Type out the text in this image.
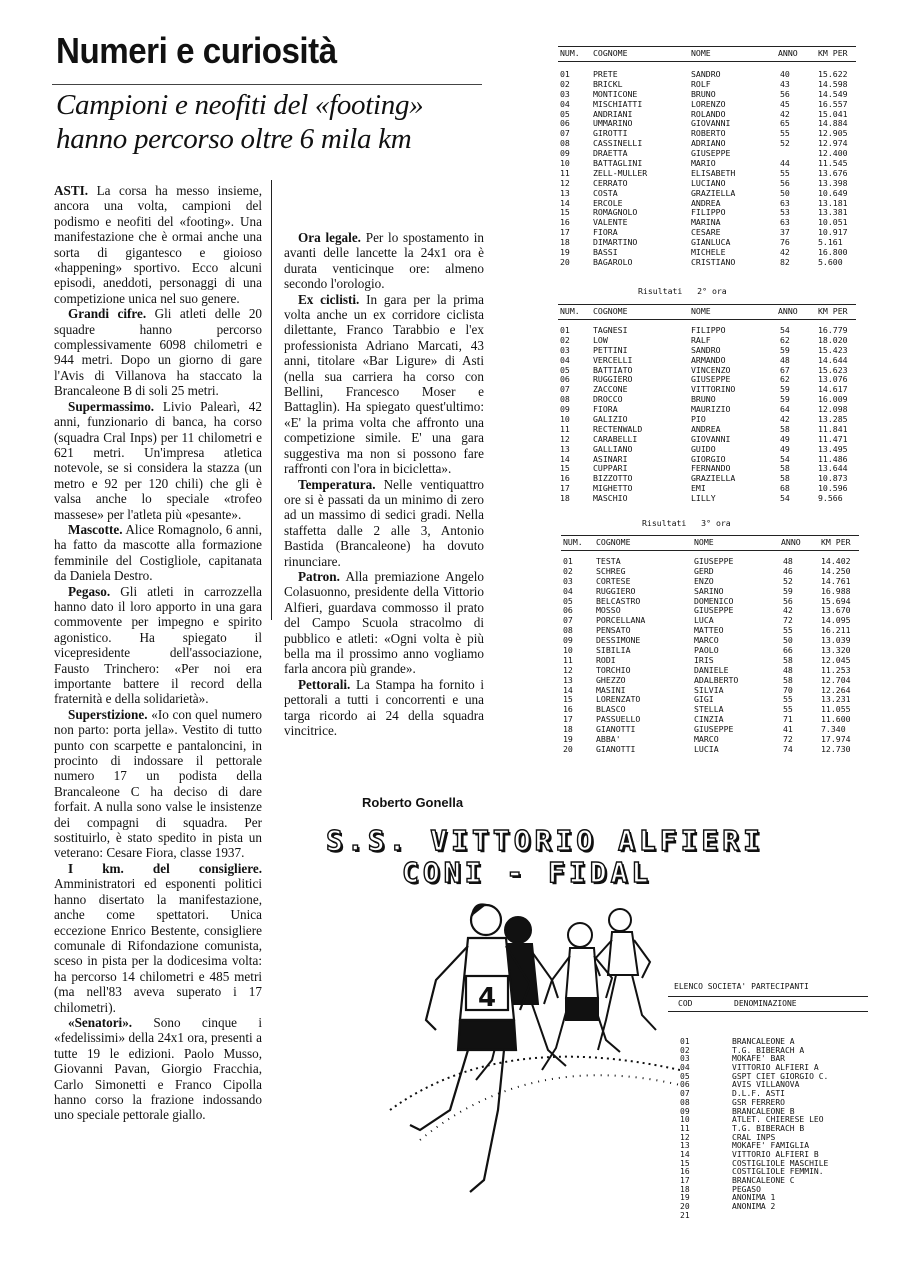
Numeri e curiosità
Campioni e neofiti del «footing» hanno percorso oltre 6 mila km

ASTI. La corsa ha messo insieme, ancora una volta, campioni del podismo e neofiti del «footing». Una manifestazione che è ormai anche una sorta di gigantesco e gioioso «happening» sportivo. Ecco alcuni episodi, aneddoti, personaggi di una competizione unica nel suo genere.

Grandi cifre. Gli atleti delle 20 squadre hanno percorso complessivamente 6098 chilometri e 944 metri. Dopo un giorno di gare l'Avis di Villanova ha staccato la Brancaleone B di soli 25 metri.

Supermassimo. Livio Palearì, 42 anni, funzionario di banca, ha corso (squadra Cral Inps) per 11 chilometri e 621 metri. Un'impresa atletica notevole, se si considera la stazza (un metro e 92 per 120 chili) che gli è valsa anche lo speciale «trofeo massese» per l'atleta più «pesante».

Mascotte. Alice Romagnolo, 6 anni, ha fatto da mascotte alla formazione femminile del Costigliole, capitanata da Daniela Destro.

Pegaso. Gli atleti in carrozzella hanno dato il loro apporto in una gara commovente per impegno e spirito agonistico. Ha spiegato il vicepresidente dell'associazione, Fausto Trinchero: «Per noi era importante battere il record della fraternità e della solidarietà».

Superstizione. «Io con quel numero non parto: porta jella». Vestito di tutto punto con scarpette e pantaloncini, in procinto di indossare il pettorale numero 17 un podista della Brancaleone C ha deciso di dare forfait. A nulla sono valse le insistenze dei compagni di squadra. Per sostituirlo, è stato spedito in pista un veterano: Cesare Fiora, classe 1937.

I km. del consigliere. Amministratori ed esponenti politici hanno disertato la manifestazione, anche come spettatori. Unica eccezione Enrico Bestente, consigliere comunale di Rifondazione comunista, sceso in pista per la dodicesima volta: ha percorso 14 chilometri e 485 metri (ma nell'83 aveva superato i 17 chilometri).

«Senatori». Sono cinque i «fedelissimi» della 24x1 ora, presenti a tutte 19 le edizioni. Paolo Musso, Giovanni Pavan, Giorgio Fracchia, Carlo Simonetti e Franco Cipolla hanno corso la frazione indossando uno speciale pettorale giallo.

Ora legale. Per lo spostamento in avanti delle lancette la 24x1 ora è durata venticinque ore: almeno secondo l'orologio.

Ex ciclisti. In gara per la prima volta anche un ex corridore ciclista dilettante, Franco Tarabbio e l'ex professionista Adriano Marcati, 43 anni, titolare «Bar Ligure» di Asti (nella sua carriera ha corso con Bellini, Francesco Moser e Battaglin). Ha spiegato quest'ultimo: «E' la prima volta che affronto una competizione simile. E' una gara suggestiva ma non si possono fare raffronti con l'ora in bicicletta».

Temperatura. Nelle ventiquattro ore si è passati da un minimo di zero ad un massimo di sedici gradi. Nella staffetta dalle 2 alle 3, Antonio Bastida (Brancaleone) ha dovuto rinunciare.

Patron. Alla premiazione Angelo Colasuonno, presidente della Vittorio Alfieri, guardava commosso il prato del Campo Scuola stracolmo di pubblico e atleti: «Ogni volta è più bella ma il prossimo anno vogliamo farla ancora più grande».

Pettorali. La Stampa ha fornito i pettorali a tutti i concorrenti e una targa ricordo ai 24 della squadra vincitrice.

Roberto Gonella
NUM. COGNOME	NOME	ANNO KM PER
01	PRETE	SANDRO	40	15.622
02	BRICKL	ROLF	43	14.598
03	MONTICONE	BRUNO	56	14.549
04	MISCHIATTI	LORENZO	45	16.557
05	ANDRIANI	ROLANDO	42	15.041
06	UMMARINO	GIOVANNI	65	14.884
07	GIROTTI	ROBERTO	55	12.905
08	CASSINELLI	ADRIANO	52	12.974
09	DRAETTA	GIUSEPPE	12.400
10	BATTAGLINI	MARIO	44	11.545
11	ZELL-MULLER	ELISABETH	55	13.676
12	CERRATO	LUCIANO	56	13.398
13	COSTA	GRAZIELLA	50	10.649
14	ERCOLE	ANDREA	63	13.181
15	ROMAGNOLO	FILIPPO	53	13.381
16	VALENTE	MARINA	63	10.051
17	FIORA	CESARE	37	10.917
18	DIMARTINO	GIANLUCA	76	5.161
19	BASSI	MICHELE	42	16.800
20	BAGAROLO	CRISTIANO	82	5.600
Risultati   2° ora
NUM. COGNOME	NOME	ANNO KM PER
01	TAGNESI	FILIPPO	54	16.779
02	LOW	RALF	62	18.020
03	PETTINI	SANDRO	59	15.423
04	VERCELLI	ARMANDO	48	14.644
05	BATTIATO	VINCENZO	67	15.623
06	RUGGIERO	GIUSEPPE	62	13.076
07	ZACCONE	VITTORINO	59	14.617
08	DROCCO	BRUNO	59	16.009
09	FIORA	MAURIZIO	64	12.098
10	GALIZIO	PIO	42	13.285
11	RECTENWALD	ANDREA	58	11.841
12	CARABELLI	GIOVANNI	49	11.471
13	GALLIANO	GUIDO	49	13.495
14	ASINARI	GIORGIO	54	11.486
15	CUPPARI	FERNANDO	58	13.644
16	BIZZOTTO	GRAZIELLA	58	10.873
17	MIGHETTO	EMI	68	10.596
18	MASCHIO	LILLY	54	9.566
Risultati   3° ora
NUM. COGNOME	NOME	ANNO KM PER
01	TESTA	GIUSEPPE	48	14.402
02	SCHREG	GERD	46	14.250
03	CORTESE	ENZO	52	14.761
04	RUGGIERO	SARINO	59	16.988
05	BELCASTRO	DOMENICO	56	15.694
06	MOSSO	GIUSEPPE	42	13.670
07	PORCELLANA	LUCA	72	14.095
08	PENSATO	MATTEO	55	16.211
09	DESSIMONE	MARCO	50	13.039
10	SIBILIA	PAOLO	66	13.320
11	RODI	IRIS	58	12.045
12	TORCHIO	DANIELE	48	11.253
13	GHEZZO	ADALBERTO	58	12.704
14	MASINI	SILVIA	70	12.264
15	LORENZATO	GIGI	55	13.231
16	BLASCO	STELLA	55	11.055
17	PASSUELLO	CINZIA	71	11.600
18	GIANOTTI	GIUSEPPE	41	7.340
19	ABBA'	MARCO	72	17.974
20	GIANOTTI	LUCIA	74	12.730
S.S. VITTORIO ALFIERI
CONI - FIDAL
4	ELENCO SOCIETA' PARTECIPANTI
COD	DENOMINAZIONE
01	BRANCALEONE A
02	T.G. BIBERACH A
03	MOKAFE' BAR
04	VITTORIO ALFIERI A
05	GSPT CIET GIORGIO C.
06	AVIS VILLANOVA
07	D.L.F. ASTI
08	GSR FERRERO
09	BRANCALEONE B
10	ATLET. CHIERESE LEO
11	T.G. BIBERACH B
12	CRAL INPS
13	MOKAFE' FAMIGLIA
14	VITTORIO ALFIERI B
15	COSTIGLIOLE MASCHILE
16	COSTIGLIOLE FEMMIN.
17	BRANCALEONE C
18	PEGASO
19	ANONIMA 1
20	ANONIMA 2
21
